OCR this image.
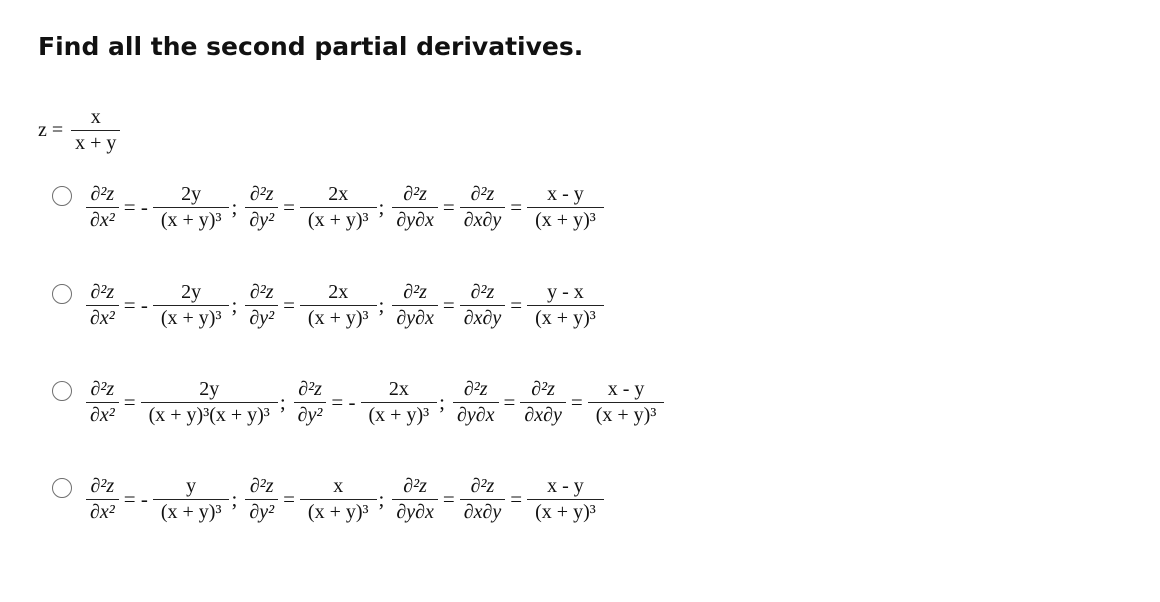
Find all the second partial derivatives.
$z = \frac{x}{x + y}$
$\frac{\text{∂²z}}{\text{∂x²}}$ = - $\frac{2y}{\text{(x + y)³}}$ ; $\frac{\text{∂²z}}{\text{∂y²}} = \frac{2x}{\text{(x + y)³}}$ ; $\frac{\text{∂²z}}{\partial y\partial x} = \frac{\text{∂²z}}{\partial x\partial y} = \frac{x - y}{\text{(x + y)³}}$
$\frac{\text{∂²z}}{\text{∂x²}}$ = - $\frac{2y}{\text{(x + y)³}}$ ; $\frac{\text{∂²z}}{\text{∂y²}} = \frac{2x}{\text{(x + y)³}}$ ; $\frac{\text{∂²z}}{\partial y\partial x} = \frac{\text{∂²z}}{\partial x\partial y} = \frac{y - x}{\text{(x + y)³}}$
$\frac{\text{∂²z}}{\text{∂x²}} = \frac{2y}{\text{(x + y)³(x + y)³}}$ ; $\frac{\text{∂²z}}{\text{∂y²}}$ = - $\frac{2x}{\text{(x + y)³}}$ ; $\frac{\text{∂²z}}{\partial y\partial x} = \frac{\text{∂²z}}{\partial x\partial y} = \frac{x - y}{\text{(x + y)³}}$
$\frac{\text{∂²z}}{\text{∂x²}}$ = - $\frac{y}{\text{(x + y)³}}$ ; $\frac{\text{∂²z}}{\text{∂y²}} = \frac{x}{\text{(x + y)³}}$ ; $\frac{\text{∂²z}}{\partial y\partial x} = \frac{\text{∂²z}}{\partial x\partial y} = \frac{x - y}{\text{(x + y)³}}$
